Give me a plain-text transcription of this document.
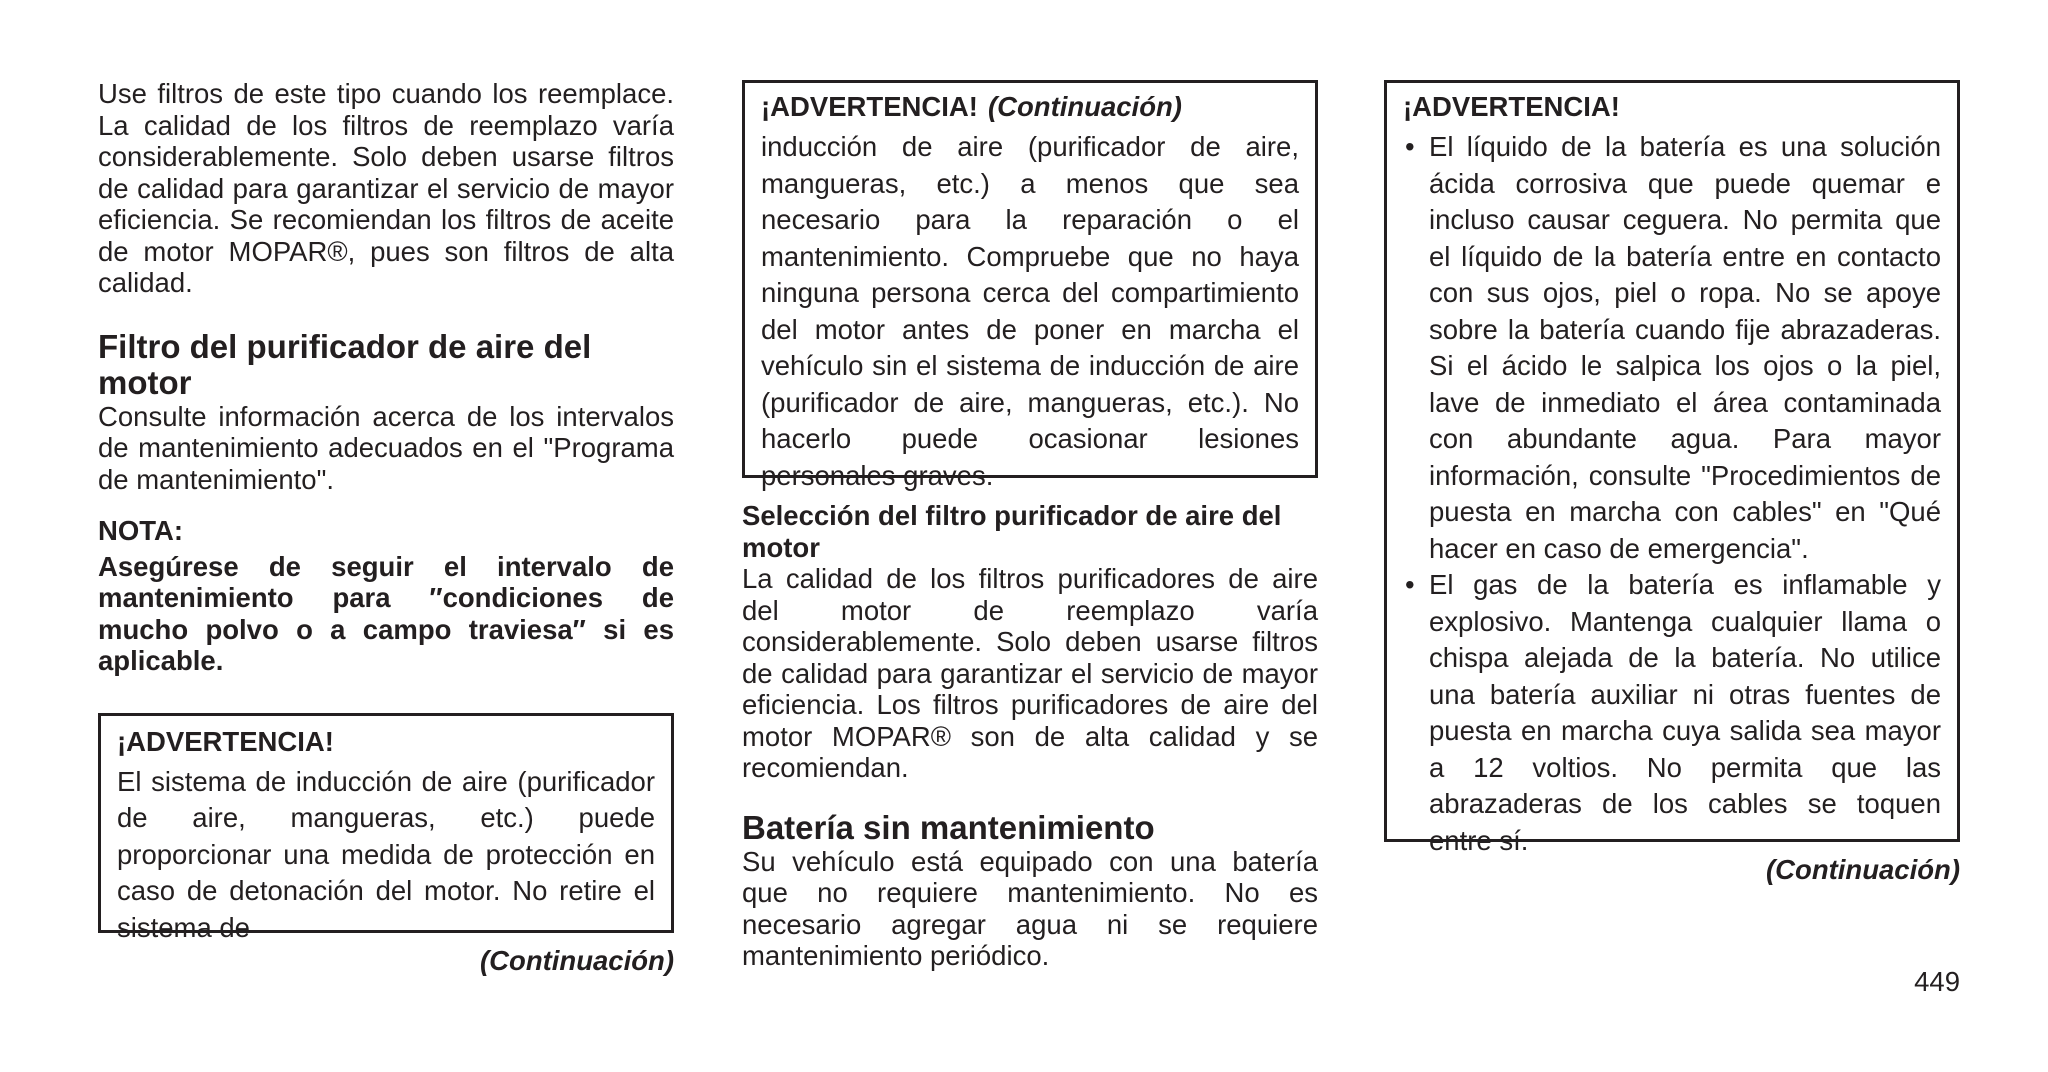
Use filtros de este tipo cuando los reemplace. La calidad de los filtros de reemplazo varía considerablemente. Solo deben usarse filtros de calidad para garantizar el servicio de mayor eficiencia. Se recomiendan los filtros de aceite de motor MOPAR®, pues son filtros de alta calidad.

Filtro del purificador de aire del motor

Consulte información acerca de los intervalos de mantenimiento adecuados en el "Programa de mantenimiento".

NOTA:

Asegúrese de seguir el intervalo de mantenimiento para ″condiciones de mucho polvo o a campo traviesa″ si es aplicable.

¡ADVERTENCIA!

El sistema de inducción de aire (purificador de aire, mangueras, etc.) puede proporcionar una medida de protección en caso de detonación del motor. No retire el sistema de

(Continuación)

¡ADVERTENCIA! (Continuación)

inducción de aire (purificador de aire, mangueras, etc.) a menos que sea necesario para la reparación o el mantenimiento. Compruebe que no haya ninguna persona cerca del compartimiento del motor antes de poner en marcha el vehículo sin el sistema de inducción de aire (purificador de aire, mangueras, etc.). No hacerlo puede ocasionar lesiones personales graves.

Selección del filtro purificador de aire del motor

La calidad de los filtros purificadores de aire del motor de reemplazo varía considerablemente. Solo deben usarse filtros de calidad para garantizar el servicio de mayor eficiencia. Los filtros purificadores de aire del motor MOPAR® son de alta calidad y se recomiendan.

Batería sin mantenimiento

Su vehículo está equipado con una batería que no requiere mantenimiento. No es necesario agregar agua ni se requiere mantenimiento periódico.

¡ADVERTENCIA!

• El líquido de la batería es una solución ácida corrosiva que puede quemar e incluso causar ceguera. No permita que el líquido de la batería entre en contacto con sus ojos, piel o ropa. No se apoye sobre la batería cuando fije abrazaderas. Si el ácido le salpica los ojos o la piel, lave de inmediato el área contaminada con abundante agua. Para mayor información, consulte "Procedimientos de puesta en marcha con cables" en "Qué hacer en caso de emergencia".
• El gas de la batería es inflamable y explosivo. Mantenga cualquier llama o chispa alejada de la batería. No utilice una batería auxiliar ni otras fuentes de puesta en marcha cuya salida sea mayor a 12 voltios. No permita que las abrazaderas de los cables se toquen entre sí.

(Continuación)

449
